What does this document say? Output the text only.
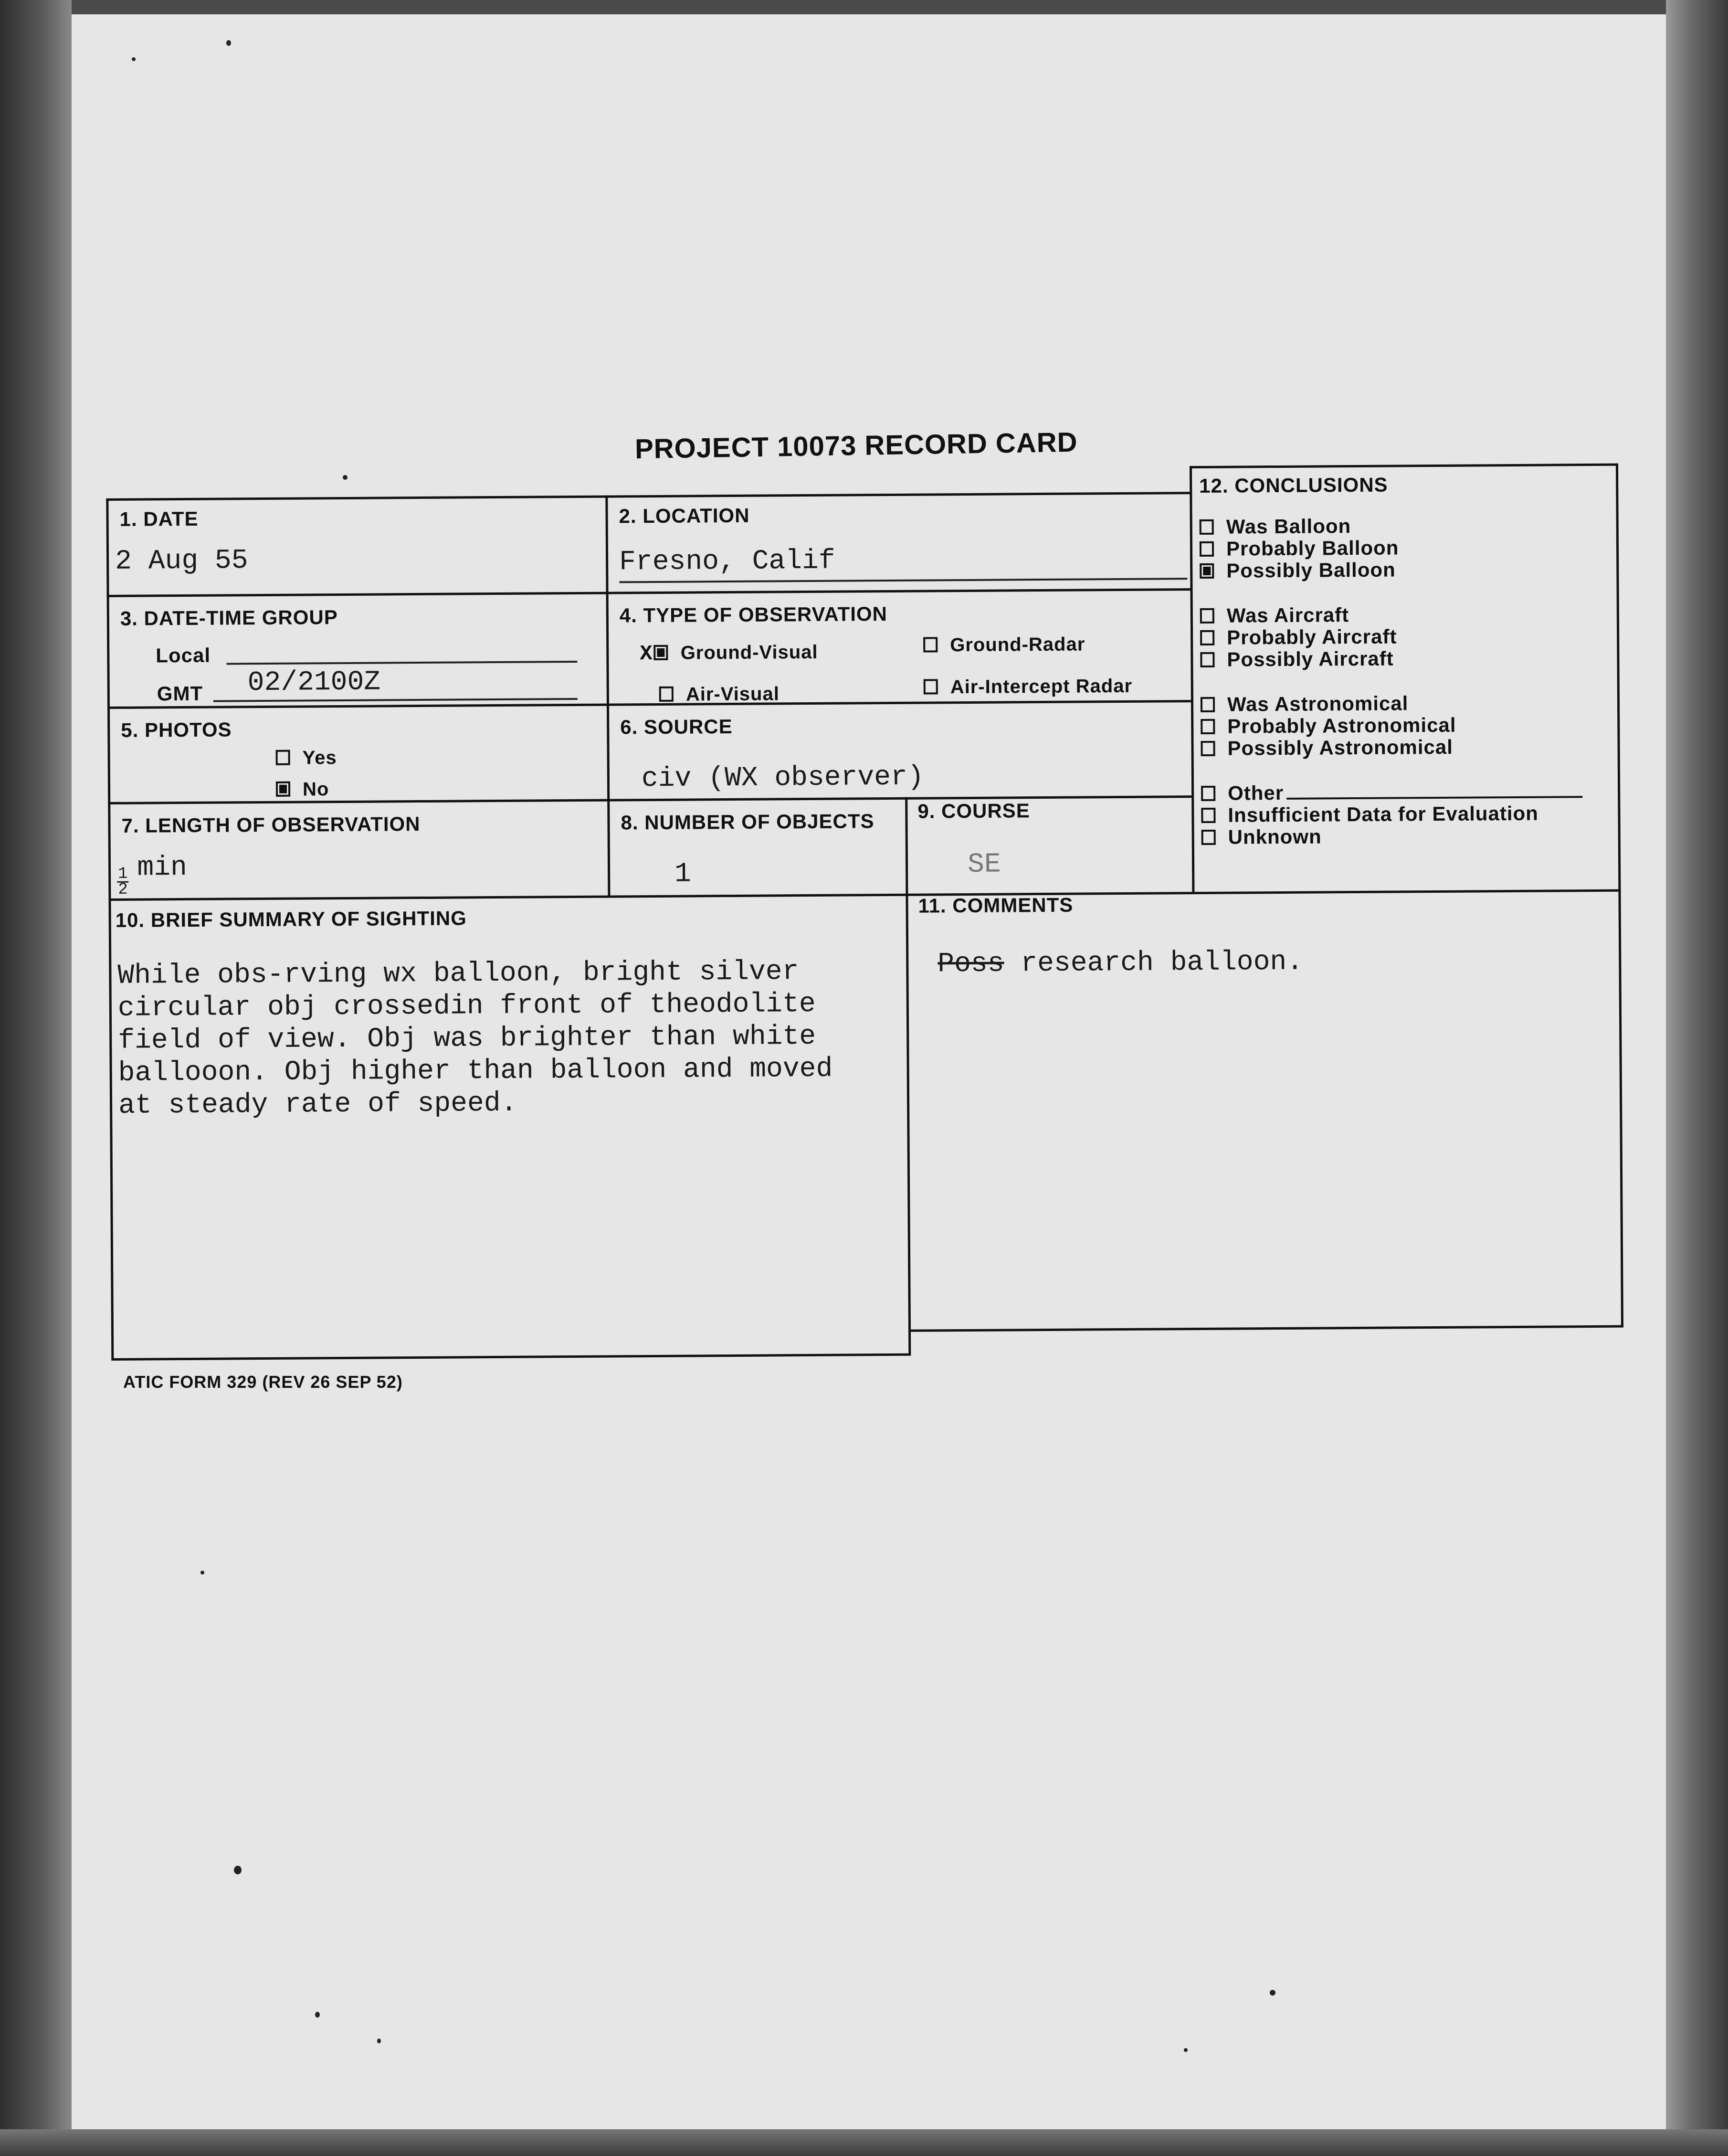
PROJECT 10073 RECORD CARD
1. DATE
2 Aug 55
2. LOCATION
Fresno, Calif
3. DATE-TIME GROUP
Local
GMT 02/2100Z
4. TYPE OF OBSERVATION
X Ground-Visual	Ground-Radar
Air-Visual	Air-Intercept Radar
5. PHOTOS
Yes
No
6. SOURCE
civ (WX observer)
7. LENGTH OF OBSERVATION
$\frac{1}{2}$ min
8. NUMBER OF OBJECTS
1
9. COURSE
SE
10. BRIEF SUMMARY OF SIGHTING
While obs-rving wx balloon, bright silver
circular obj crossedin front of theodolite
field of view. Obj was brighter than white
ballooon. Obj higher than balloon and moved
at steady rate of speed.
11. COMMENTS
Poss research balloon.
12. CONCLUSIONS
Was Balloon
Probably Balloon
Possibly Balloon
Was Aircraft
Probably Aircraft
Possibly Aircraft
Was Astronomical
Probably Astronomical
Possibly Astronomical
Other
Insufficient Data for Evaluation
Unknown
ATIC FORM 329 (REV 26 SEP 52)
